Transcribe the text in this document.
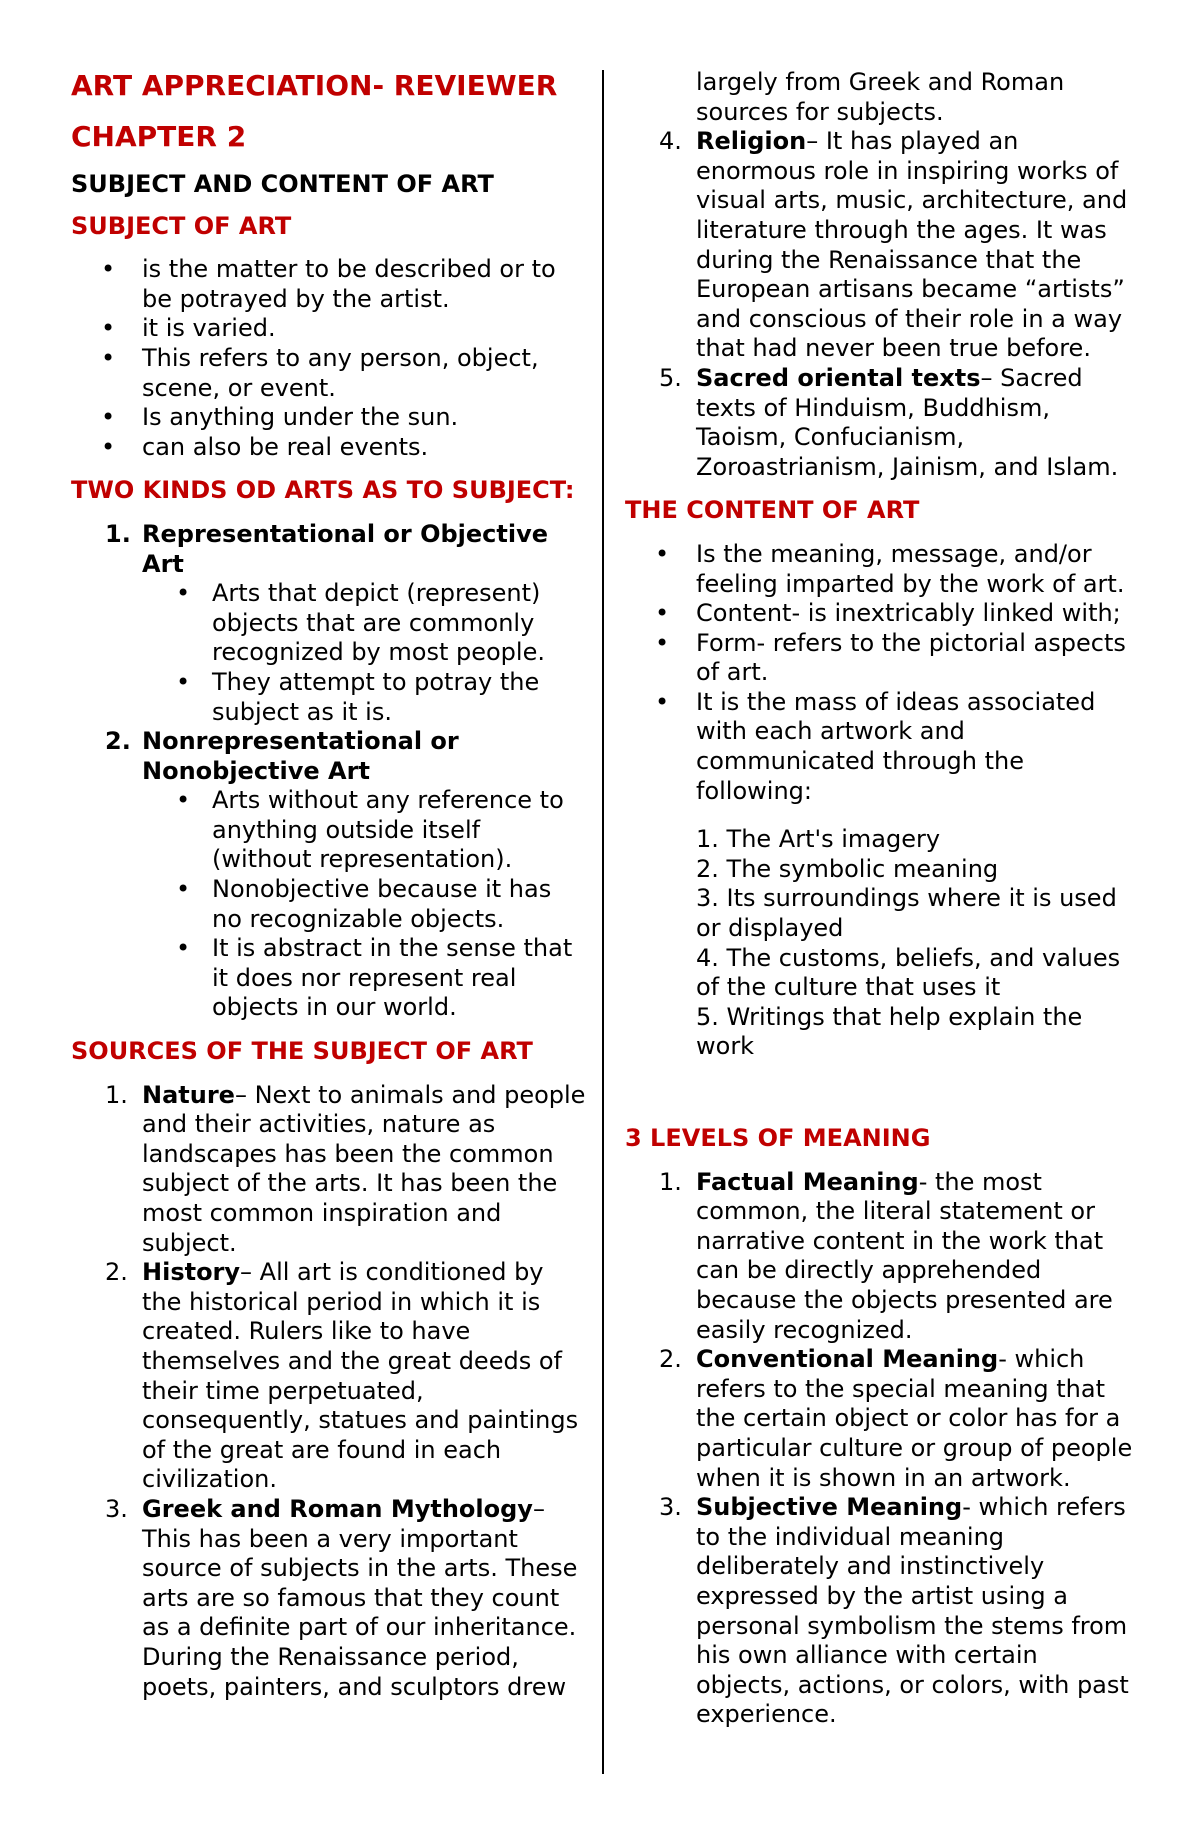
ART APPRECIATION- REVIEWER
CHAPTER 2
SUBJECT AND CONTENT OF ART
SUBJECT OF ART
• is the matter to be described or to be potrayed by the artist.
• it is varied.
• This refers to any person, object, scene, or event.
• Is anything under the sun.
• can also be real events.
TWO KINDS OD ARTS AS TO SUBJECT:
1. Representational or Objective Art
• Arts that depict (represent) objects that are commonly recognized by most people.
• They attempt to potray the subject as it is.
2. Nonrepresentational or Nonobjective Art
• Arts without any reference to anything outside itself (without representation).
• Nonobjective because it has no recognizable objects.
• It is abstract in the sense that it does nor represent real objects in our world.
SOURCES OF THE SUBJECT OF ART
1. Nature– Next to animals and people and their activities, nature as landscapes has been the common subject of the arts. It has been the most common inspiration and subject.
2. History– All art is conditioned by the historical period in which it is created. Rulers like to have themselves and the great deeds of their time perpetuated, consequently, statues and paintings of the great are found in each civilization.
3. Greek and Roman Mythology– This has been a very important source of subjects in the arts. These arts are so famous that they count as a definite part of our inheritance. During the Renaissance period, poets, painters, and sculptors drew
largely from Greek and Roman sources for subjects.
4. Religion– It has played an enormous role in inspiring works of visual arts, music, architecture, and literature through the ages. It was during the Renaissance that the European artisans became “artists” and conscious of their role in a way that had never been true before.
5. Sacred oriental texts– Sacred texts of Hinduism, Buddhism, Taoism, Confucianism, Zoroastrianism, Jainism, and Islam.
THE CONTENT OF ART
• Is the meaning, message, and/or feeling imparted by the work of art.
• Content- is inextricably linked with;
• Form- refers to the pictorial aspects of art.
• It is the mass of ideas associated with each artwork and communicated through the following:
1. The Art's imagery
2. The symbolic meaning
3. Its surroundings where it is used or displayed
4. The customs, beliefs, and values of the culture that uses it
5. Writings that help explain the work
3 LEVELS OF MEANING
1. Factual Meaning- the most common, the literal statement or narrative content in the work that can be directly apprehended because the objects presented are easily recognized.
2. Conventional Meaning- which refers to the special meaning that the certain object or color has for a particular culture or group of people when it is shown in an artwork.
3. Subjective Meaning- which refers to the individual meaning deliberately and instinctively expressed by the artist using a personal symbolism the stems from his own alliance with certain objects, actions, or colors, with past experience.
